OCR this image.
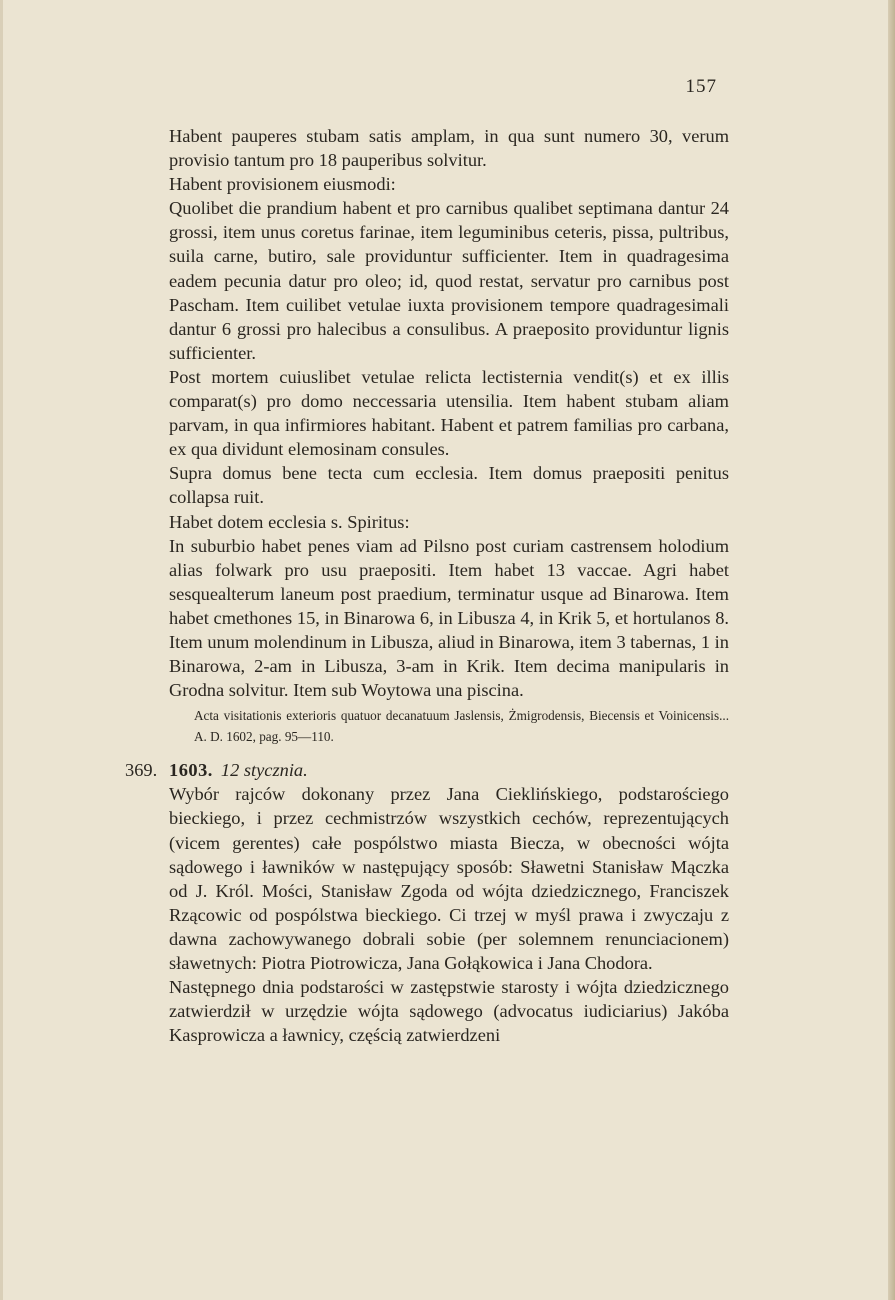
157

Habent pauperes stubam satis amplam, in qua sunt numero 30, verum provisio tantum pro 18 pauperibus solvitur.

Habent provisionem eiusmodi:

Quolibet die prandium habent et pro carnibus qualibet septimana dantur 24 grossi, item unus coretus farinae, item leguminibus ceteris, pissa, pultribus, suila carne, butiro, sale providuntur sufficienter. Item in quadragesima eadem pecunia datur pro oleo; id, quod restat, servatur pro carnibus post Pascham. Item cuilibet vetulae iuxta provisionem tempore quadragesimali dantur 6 grossi pro halecibus a consulibus. A praeposito providuntur lignis sufficienter.

Post mortem cuiuslibet vetulae relicta lectisternia vendit(s) et ex illis comparat(s) pro domo neccessaria utensilia. Item habent stubam aliam parvam, in qua infirmiores habitant. Habent et patrem familias pro carbana, ex qua dividunt elemosinam consules.

Supra domus bene tecta cum ecclesia. Item domus praepositi penitus collapsa ruit.

Habet dotem ecclesia s. Spiritus:

In suburbio habet penes viam ad Pilsno post curiam castrensem holodium alias folwark pro usu praepositi. Item habet 13 vaccae. Agri habet sesquealterum laneum post praedium, terminatur usque ad Binarowa. Item habet cmethones 15, in Binarowa 6, in Libusza 4, in Krik 5, et hortulanos 8. Item unum molendinum in Libusza, aliud in Binarowa, item 3 tabernas, 1 in Binarowa, 2-am in Libusza, 3-am in Krik. Item decima manipularis in Grodna solvitur. Item sub Woytowa una piscina.

Acta visitationis exterioris quatuor decanatuum Jaslensis, Żmigrodensis, Biecensis et Voinicensis... A. D. 1602, pag. 95—110.

369. 1603. 12 stycznia.

Wybór rajców dokonany przez Jana Cieklińskiego, podstarościego bieckiego, i przez cechmistrzów wszystkich cechów, reprezentujących (vicem gerentes) całe pospólstwo miasta Biecza, w obecności wójta sądowego i ławników w następujący sposób: Sławetni Stanisław Mączka od J. Król. Mości, Stanisław Zgoda od wójta dziedzicznego, Franciszek Rzącowic od pospólstwa bieckiego. Ci trzej w myśl prawa i zwyczaju z dawna zachowywanego dobrali sobie (per solemnem renunciacionem) sławetnych: Piotra Piotrowicza, Jana Gołąkowica i Jana Chodora.

Następnego dnia podstarości w zastępstwie starosty i wójta dziedzicznego zatwierdził w urzędzie wójta sądowego (advocatus iudiciarius) Jakóba Kasprowicza a ławnicy, częścią zatwierdzeni
